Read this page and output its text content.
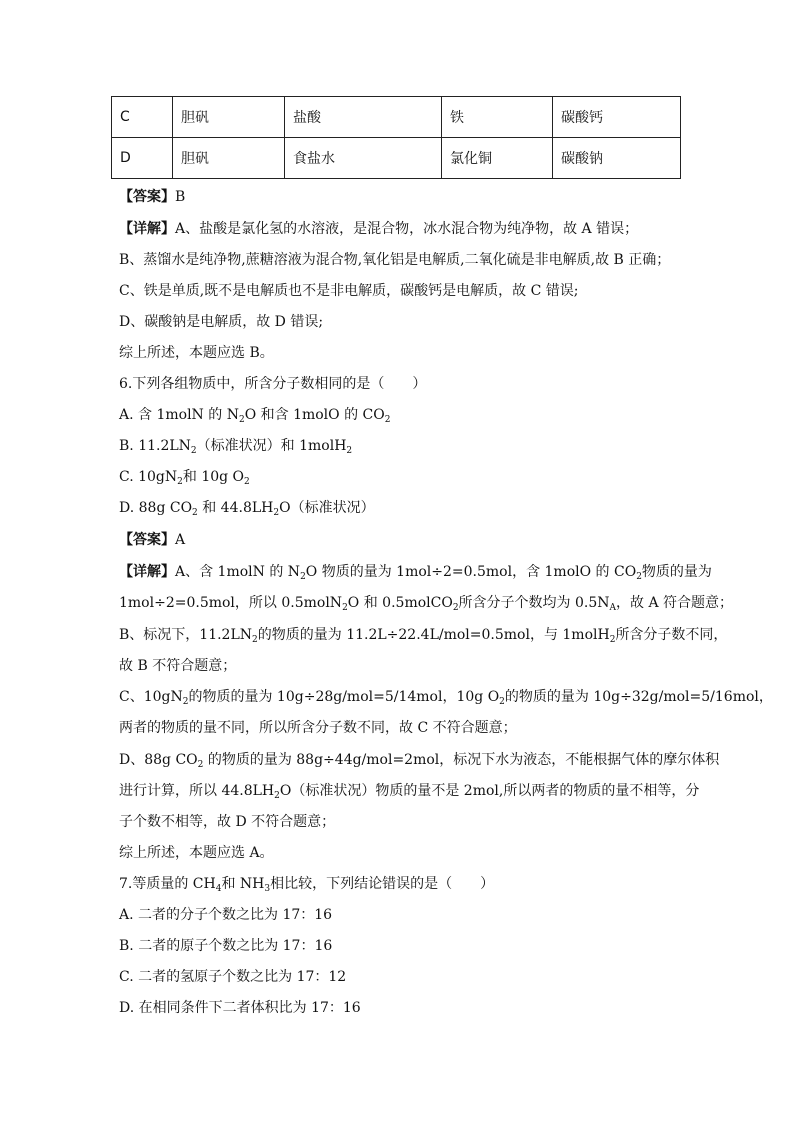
C	胆矾	盐酸	铁	碳酸钙
D	胆矾	食盐水	氯化铜	碳酸钠
【答案】B
【详解】A、盐酸是氯化氢的水溶液，是混合物，冰水混合物为纯净物，故 A 错误；
B、蒸馏水是纯净物,蔗糖溶液为混合物,氧化铝是电解质,二氧化硫是非电解质,故 B 正确；
C、铁是单质,既不是电解质也不是非电解质，碳酸钙是电解质，故 C 错误;
D、碳酸钠是电解质，故 D 错误;
综上所述，本题应选 B。
6.下列各组物质中，所含分子数相同的是（　　）
A. 含 1molN 的 $N_2O$ 和含 1molO 的 $CO_2$
B. $11.2LN_2$（标准状况）和 1molH$_2$
C. $10gN_2$和 10g $O_2$
D. 88g $CO_2$ 和 $44.8LH_2O$（标准状况）
【答案】A
【详解】A、含 1molN 的 $N_2O$ 物质的量为 1mol÷2=0.5mol，含 1molO 的 $CO_2$物质的量为
1mol÷2=0.5mol，所以 0.5molN$_2$O 和 0.5molCO$_2$所含分子个数均为 $0.5N_A$，故 A 符合题意；
B、标况下，$11.2LN_2$的物质的量为 11.2L÷22.4L/mol=0.5mol，与 1molH$_2$所含分子数不同，
故 B 不符合题意；
C、$10gN_2$的物质的量为 10g÷28g/mol=5/14mol，10g $O_2$的物质的量为 10g÷32g/mol=5/16mol，
两者的物质的量不同，所以所含分子数不同，故 C 不符合题意；
D、88g $CO_2$ 的物质的量为 88g÷44g/mol=2mol，标况下水为液态，不能根据气体的摩尔体积
进行计算，所以 $44.8LH_2O$（标准状况）物质的量不是 2mol,所以两者的物质的量不相等，分
子个数不相等，故 D 不符合题意；
综上所述，本题应选 A。
7.等质量的 $CH_4$和 $NH_3$相比较，下列结论错误的是（　　）
A. 二者的分子个数之比为 17：16
B. 二者的原子个数之比为 17：16
C. 二者的氢原子个数之比为 17：12
D. 在相同条件下二者体积比为 17：16
